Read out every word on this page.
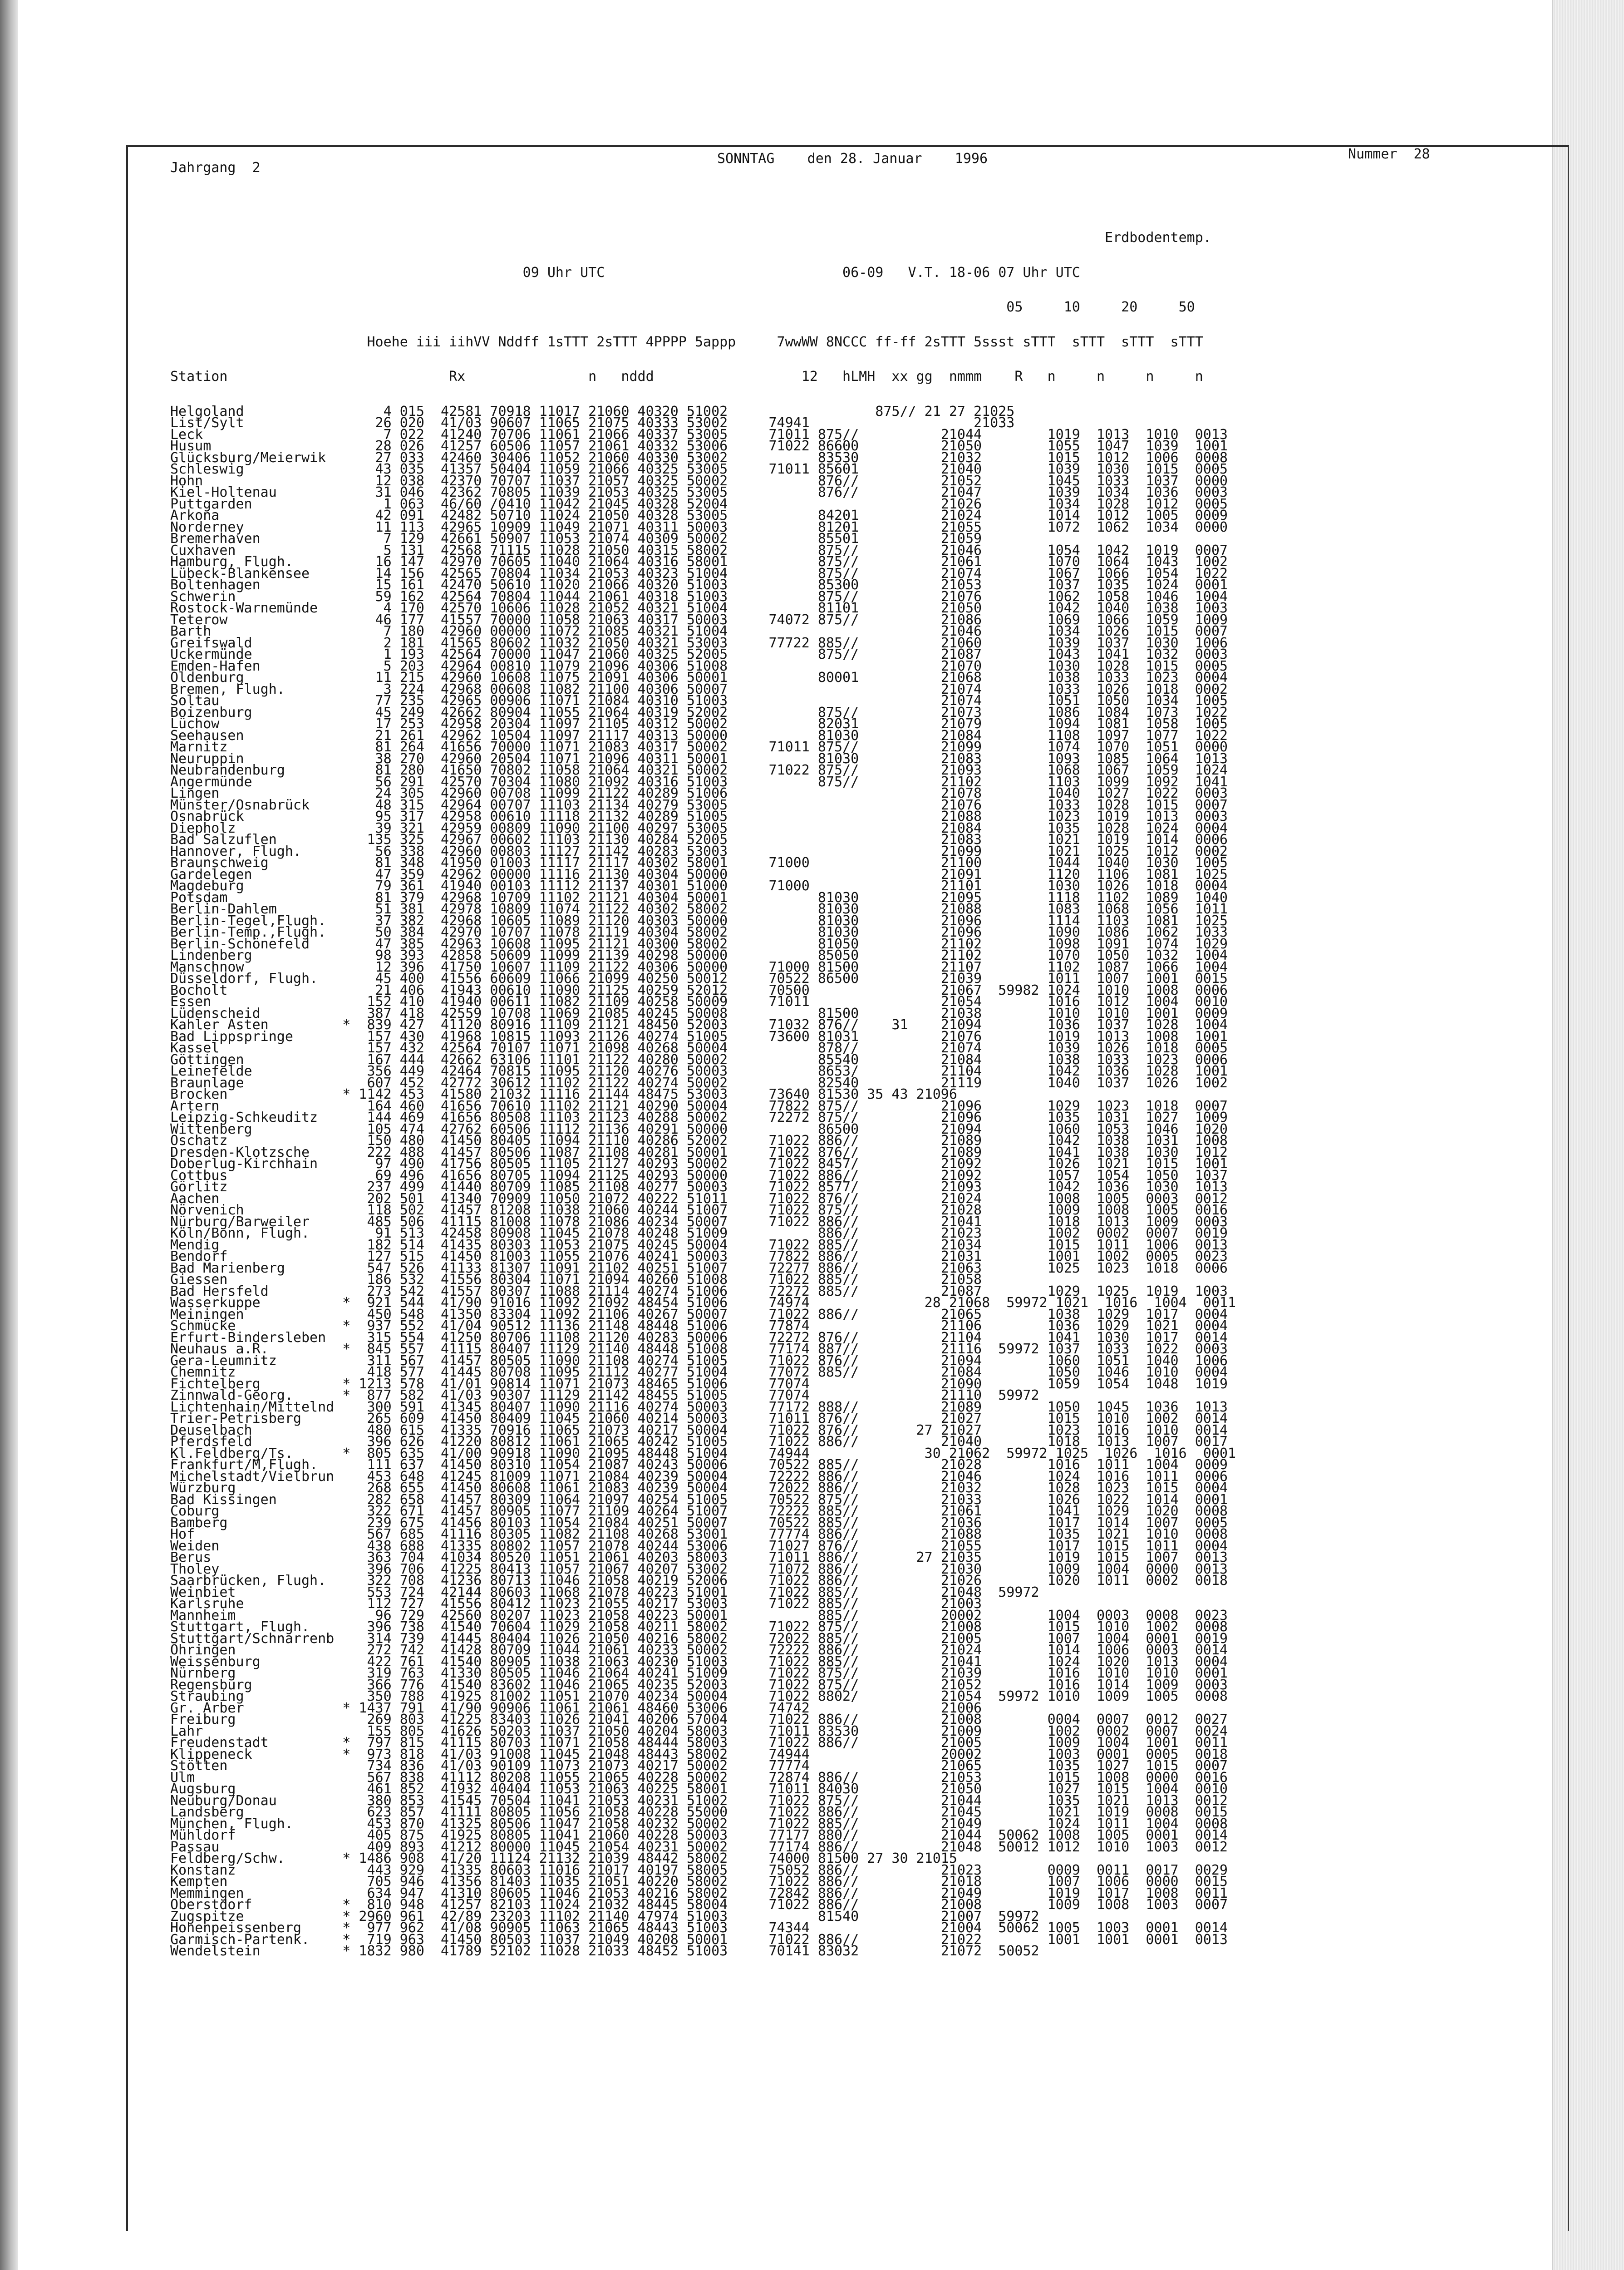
Jahrgang  2
SONNTAG    den 28. Januar    1996	Nummer  28

Erdbodentemp.

09 Uhr UTC                             06-09   V.T. 18-06 07 Uhr UTC

05     10     20     50

Hoehe iii iihVV Nddff 1sTTT 2sTTT 4PPPP 5appp     7wwWW 8NCCC ff-ff 2sTTT 5ssst sTTT  sTTT  sTTT  sTTT

Station                           Rx               n   nddd                  12   hLMH  xx gg  nmmm    R   n     n     n     n

Helgoland                 4 015  42581 70918 11017 21060 40320 51002                  875// 21 27 21025
List/Sylt                26 020  41/03 90607 11065 21075 40333 53002     74941                    21033
Leck                      7 022  41240 70706 11061 21066 40337 53005     71011 875//          21044        1019  1013  1010  0013
Husum                    28 026  41257 60506 11057 21061 40332 53006     71022 86600          21050        1055  1047  1039  1001
Glücksburg/Meierwik      27 033  42460 30406 11052 21060 40330 53002           83530          21032        1015  1012  1006  0008
Schleswig                43 035  41357 50404 11059 21066 40325 53005     71011 85601          21040        1039  1030  1015  0005
Hohn                     12 038  42370 70707 11037 21057 40325 50002           876//          21052        1045  1033  1037  0000
Kiel-Holtenau            31 046  42362 70805 11039 21053 40325 53005           876//          21047        1039  1034  1036  0003
Puttgarden                1 063  46/60 /0410 11042 21045 40328 52004                          21026        1034  1028  1012  0005
Arkona                   42 091  42482 50710 11024 21050 40328 53005           84201          21024        1014  1012  1005  0009
Norderney                11 113  42965 10909 11049 21071 40311 50003           81201          21055        1072  1062  1034  0000
Bremerhaven               7 129  42661 50907 11053 21074 40309 50002           85501          21059
Cuxhaven                  5 131  42568 71115 11028 21050 40315 58002           875//          21046        1054  1042  1019  0007
Hamburg, Flugh.          16 147  42970 70605 11040 21064 40316 58001           875//          21061        1070  1064  1043  1002
Lübeck-Blankensee        14 156  42565 70804 11034 21053 40323 51004           875//          21074        1067  1066  1054  1022
Boltenhagen              15 161  42470 50610 11020 21066 40320 51003           85300          21053        1037  1035  1024  0001
Schwerin                 59 162  42564 70804 11044 21061 40318 51003           875//          21076        1062  1058  1046  1004
Rostock-Warnemünde        4 170  42570 10606 11028 21052 40321 51004           81101          21050        1042  1040  1038  1003
Teterow                  46 177  41557 70000 11058 21063 40317 50003     74072 875//          21086        1069  1066  1059  1009
Barth                     7 180  42960 00000 11072 21085 40321 51004                          21046        1034  1026  1015  0007
Greifswald                2 181  41565 80602 11032 21050 40321 53003     77722 885//          21060        1039  1037  1030  1006
Ückermünde                1 193  42564 70000 11047 21060 40325 52005           875//          21087        1043  1041  1032  0003
Emden-Hafen               5 203  42964 00810 11079 21096 40306 51008                          21070        1030  1028  1015  0005
Oldenburg                11 215  42960 10608 11075 21091 40306 50001           80001          21068        1038  1033  1023  0004
Bremen, Flugh.            3 224  42968 00608 11082 21100 40306 50007                          21074        1033  1026  1018  0002
Soltau                   77 235  42965 00906 11071 21084 40310 51003                          21074        1051  1050  1034  1005
Boizenburg               45 249  42662 80904 11055 21064 40319 52002           875//          21073        1086  1084  1073  1022
Lüchow                   17 253  42958 20304 11097 21105 40312 50002           82031          21079        1094  1081  1058  1005
Seehausen                21 261  42962 10504 11097 21117 40313 50000           81030          21084        1108  1097  1077  1022
Marnitz                  81 264  41656 70000 11071 21083 40317 50002     71011 875//          21099        1074  1070  1051  0000
Neuruppin                38 270  42960 20504 11071 21096 40311 50001           81030          21083        1093  1085  1064  1013
Neubrandenburg           81 280  41650 70802 11058 21064 40321 50002     71022 875//          21093        1068  1067  1059  1024
Angermünde               56 291  42570 70304 11080 21092 40316 51003           875//          21102        1103  1099  1092  1041
Lingen                   24 305  42960 00708 11099 21122 40289 51006                          21078        1040  1027  1022  0003
Münster/Osnabrück        48 315  42964 00707 11103 21134 40279 53005                          21076        1033  1028  1015  0007
Osnabrück                95 317  42958 00610 11118 21132 40289 51005                          21088        1023  1019  1013  0003
Diepholz                 39 321  42959 00809 11090 21100 40297 53005                          21084        1035  1028  1024  0004
Bad Salzuflen           135 325  42967 00602 11103 21130 40284 52005                          21083        1021  1019  1014  0006
Hannover, Flugh.         56 338  42960 00803 11127 21142 40283 53003                          21099        1021  1025  1012  0002
Braunschweig             81 348  41950 01003 11117 21117 40302 58001     71000                21100        1044  1040  1030  1005
Gardelegen               47 359  42962 00000 11116 21130 40304 50000                          21091        1120  1106  1081  1025
Magdeburg                79 361  41940 00103 11112 21137 40301 51000     71000                21101        1030  1026  1018  0004
Potsdam                  81 379  42968 10709 11102 21121 40304 50001           81030          21095        1118  1102  1089  1040
Berlin-Dahlem            51 381  42978 10809 11074 21122 40302 58002           81030          21088        1083  1068  1056  1011
Berlin-Tegel,Flugh.      37 382  42968 10605 11089 21120 40303 50000           81030          21096        1114  1103  1081  1025
Berlin-Temp.,Flugh.      50 384  42970 10707 11078 21119 40304 58002           81030          21096        1090  1086  1062  1033
Berlin-Schönefeld        47 385  42963 10608 11095 21121 40300 58002           81050          21102        1098  1091  1074  1029
Lindenberg               98 393  42858 50609 11099 21139 40298 50000           85050          21102        1070  1050  1032  1004
Manschnow                12 396  41750 10607 11109 21122 40306 50000     71000 81500          21107        1102  1087  1066  1004
Düsseldorf, Flugh.       45 400  41556 60609 11066 21099 40250 50012     70522 86500          21039        1011  1007  1001  0015
Bocholt                  21 406  41943 00610 11090 21125 40259 52012     70500                21067  59982 1024  1010  1008  0006
Essen                   152 410  41940 00611 11082 21109 40258 50009     71011                21054        1016  1012  1004  0010
Lüdenscheid             387 418  42559 10708 11069 21085 40245 50008           81500          21038        1010  1010  1001  0009
Kahler Asten         *  839 427  41120 80916 11109 21121 48450 52003     71032 876//    31    21094        1036  1037  1028  1004
Bad Lippspringe         157 430  41968 10815 11093 21126 40274 51005     73600 81031          21076        1019  1013  1008  1001
Kassel                  157 432  42564 70107 11071 21098 40268 50004           878//          21074        1039  1026  1018  0005
Göttingen               167 444  42662 63106 11101 21122 40280 50002           85540          21084        1038  1033  1023  0006
Leinefelde              356 449  42464 70815 11095 21120 40276 50003           8653/          21104        1042  1036  1028  1001
Braunlage               607 452  42772 30612 11102 21122 40274 50002           82540          21119        1040  1037  1026  1002
Brocken              * 1142 453  41580 21032 11116 21144 48475 53003     73640 81530 35 43 21096
Artern                  164 460  41656 70610 11102 21121 40290 50004     77822 875//          21096        1029  1023  1018  0007
Leipzig-Schkeuditz      144 469  41656 80508 11103 21123 40288 50002     72272 875//          21096        1035  1031  1027  1009
Wittenberg              105 474  42762 60506 11112 21136 40291 50000           86500          21094        1060  1053  1046  1020
Oschatz                 150 480  41450 80405 11094 21110 40286 52002     71022 886//          21089        1042  1038  1031  1008
Dresden-Klotzsche       222 488  41457 80506 11087 21108 40281 50001     71022 876//          21089        1041  1038  1030  1012
Doberlug-Kirchhain       97 490  41756 80505 11105 21127 40293 50002     71022 8457/          21092        1026  1021  1015  1001
Cottbus                  69 496  41656 80705 11094 21125 40293 50000     71022 886//          21092        1057  1054  1050  1037
Görlitz                 237 499  41440 80709 11085 21108 40277 50003     71022 8577/          21093        1042  1036  1030  1013
Aachen                  202 501  41340 70909 11050 21072 40222 51011     71022 876//          21024        1008  1005  0003  0012
Nörvenich               118 502  41457 81208 11038 21060 40244 51007     71022 875//          21028        1009  1008  1005  0016
Nürburg/Barweiler       485 506  41115 81008 11078 21086 40234 50007     71022 886//          21041        1018  1013  1009  0003
Köln/Bonn, Flugh.        91 513  42458 80908 11045 21078 40248 51009           886//          21023        1002  0002  0007  0019
Mendig                  182 514  41435 80303 11053 21075 40245 50004     71022 885//          21034        1015  1011  1006  0013
Bendorf                 127 515  41450 81003 11055 21076 40241 50003     77822 886//          21031        1001  1002  0005  0023
Bad Marienberg          547 526  41133 81307 11091 21102 40251 51007     72277 886//          21063        1025  1023  1018  0006
Giessen                 186 532  41556 80304 11071 21094 40260 51008     71022 885//          21058
Bad Hersfeld            273 542  41557 80307 11088 21114 40274 51006     72272 885//          21087        1029  1025  1019  1003
Wasserkuppe          *  921 544  41/90 91016 11092 21092 48454 51006     74974              28 21068  59972 1021  1016  1004  0011
Meiningen               450 548  41350 83304 11092 21106 40267 50007     71022 886//          21065        1038  1029  1017  0004
Schmücke             *  937 552  41/04 90512 11136 21148 48448 51006     77874                21106        1036  1029  1021  0004
Erfurt-Bindersleben     315 554  41250 80706 11108 21120 40283 50006     72272 876//          21104        1041  1030  1017  0014
Neuhaus a.R.         *  845 557  41115 80407 11129 21140 48448 51008     77174 887//          21116  59972 1037  1033  1022  0003
Gera-Leumnitz           311 567  41457 80505 11090 21108 40274 51005     71022 876//          21094        1060  1051  1040  1006
Chemnitz                418 577  41445 80708 11095 21112 40277 51004     77072 885//          21084        1050  1046  1010  0004
Fichtelberg          * 1213 578  41/01 90814 11071 21073 48465 51006     77074                21090        1059  1054  1048  1019
Zinnwald-Georg.      *  877 582  41/03 90307 11129 21142 48455 51005     77074                21110  59972
Lichtenhain/Mittelnd    300 591  41345 80407 11090 21116 40274 50003     77172 888//          21089        1050  1045  1036  1013
Trier-Petrisberg        265 609  41450 80409 11045 21060 40214 50003     71011 876//          21027        1015  1010  1002  0014
Deuselbach              480 615  41335 70916 11065 21073 40217 50004     71022 876//       27 21027        1023  1016  1010  0014
Pferdsfeld              396 626  41220 80812 11061 21065 40242 51005     71022 886//          21040        1018  1013  1007  0017
Kl.Feldberg/Ts.      *  805 635  41/00 90918 11090 21095 48448 51004     74944              30 21062  59972 1025  1026  1016  0001
Frankfurt/M,Flugh.      111 637  41450 80310 11054 21087 40243 50006     70522 885//          21028        1016  1011  1004  0009
Michelstadt/Vielbrun    453 648  41245 81009 11071 21084 40239 50004     72222 886//          21046        1024  1016  1011  0006
Würzburg                268 655  41450 80608 11061 21083 40239 50004     72022 886//          21032        1028  1023  1015  0004
Bad Kissingen           282 658  41457 80309 11064 21097 40254 51005     70522 875//          21033        1026  1022  1014  0001
Coburg                  322 671  41457 80905 11077 21109 40264 51007     72222 885//          21061        1041  1029  1020  0008
Bamberg                 239 675  41456 80103 11054 21084 40251 50007     70522 885//          21036        1017  1014  1007  0005
Hof                     567 685  41116 80305 11082 21108 40268 53001     77774 886//          21088        1035  1021  1010  0008
Weiden                  438 688  41335 80802 11057 21078 40244 53006     71027 876//          21055        1017  1015  1011  0004
Berus                   363 704  41034 80520 11051 21061 40203 58003     71011 886//       27 21035        1019  1015  1007  0013
Tholey                  396 706  41225 80413 11057 21067 40207 53002     71072 886//          21030        1009  1004  0000  0013
Saarbrücken, Flugh.     322 708  41236 80713 11046 21058 40219 52006     71022 886//          21026        1020  1011  0002  0018
Weinbiet                553 724  42144 80603 11068 21078 40223 51001     71022 885//          21048  59972
Karlsruhe               112 727  41556 80412 11023 21055 40217 53003     71022 885//          21003
Mannheim                 96 729  42560 80207 11023 21058 40223 50001           885//          20002        1004  0003  0008  0023
Stuttgart, Flugh.       396 738  41540 70604 11029 21058 40211 58002     71022 875//          21008        1015  1010  1002  0008
Stuttgart/Schnarrenb    314 739  41445 80404 11026 21050 40216 58002     72022 885//          21005        1007  1004  0001  0019
Öhringen                272 742  41428 80709 11044 21061 40233 50002     72222 886//          21024        1014  1006  0003  0014
Weissenburg             422 761  41540 80905 11038 21063 40230 51003     71022 885//          21041        1024  1020  1013  0004
Nürnberg                319 763  41330 80505 11046 21064 40241 51009     71022 875//          21039        1016  1010  1010  0001
Regensburg              366 776  41540 83602 11046 21065 40235 52003     71022 875//          21052        1016  1014  1009  0003
Straubing               350 788  41925 81002 11051 21070 40234 50004     71022 8802/          21054  59972 1010  1009  1005  0008
Gr. Arber            * 1437 791  41/90 90906 11061 21061 48460 53006     74742                21006
Freiburg                269 803  41225 83403 11026 21041 40206 57004     71022 886//          21008        0004  0007  0012  0027
Lahr                    155 805  41626 50203 11037 21050 40204 58003     71011 83530          21009        1002  0002  0007  0024
Freudenstadt         *  797 815  41115 80703 11071 21058 48444 58003     71022 886//          21005        1009  1004  1001  0011
Klippeneck           *  973 818  41/03 91008 11045 21048 48443 58002     74944                20002        1003  0001  0005  0018
Stötten                 734 836  41/03 90109 11073 21073 40217 50002     77774                21065        1035  1027  1015  0007
Ulm                     567 838  41112 80208 11055 21065 40228 50002     72874 886//          21053        1015  1008  0000  0016
Augsburg                461 852  41932 40404 11053 21063 40225 58001     71011 84030          21050        1027  1015  1004  0010
Neuburg/Donau           380 853  41545 70504 11041 21053 40231 51002     71022 875//          21044        1035  1021  1013  0012
Landsberg               623 857  41111 80805 11056 21058 40228 55000     71022 886//          21045        1021  1019  0008  0015
München, Flugh.         453 870  41325 80506 11047 21058 40232 50002     71022 885//          21049        1024  1011  1004  0008
Mühldorf                405 875  41925 80805 11041 21060 40228 50003     77177 880//          21044  50062 1008  1005  0001  0014
Passau                  409 893  41212 80000 11045 21054 40231 50002     77174 886//          21048  50012 1012  1010  1003  0012
Feldberg/Schw.       * 1486 908  41/20 11124 21132 21039 48442 58002     74000 81500 27 30 21015
Konstanz                443 929  41335 80603 11016 21017 40197 58005     75052 886//          21023        0009  0011  0017  0029
Kempten                 705 946  41356 81403 11035 21051 40220 58002     71022 886//          21018        1007  1006  0000  0015
Memmingen               634 947  41310 80605 11046 21053 40216 58002     72842 886//          21049        1019  1017  1008  0011
Oberstdorf           *  810 948  41257 82103 11024 21032 48445 58004     71022 886//          21008        1009  1008  1003  0007
Zugspitze            * 2960 961  42/89 23203 11102 21140 47974 51003           81540          21007  59972
Hohenpeissenberg     *  977 962  41/08 90905 11063 21065 48443 51003     74344                21004  50062 1005  1003  0001  0014
Garmisch-Partenk.    *  719 963  41450 80503 11037 21049 40208 50001     71022 886//          21022        1001  1001  0001  0013
Wendelstein          * 1832 980  41789 52102 11028 21033 48452 51003     70141 83032          21072  50052
